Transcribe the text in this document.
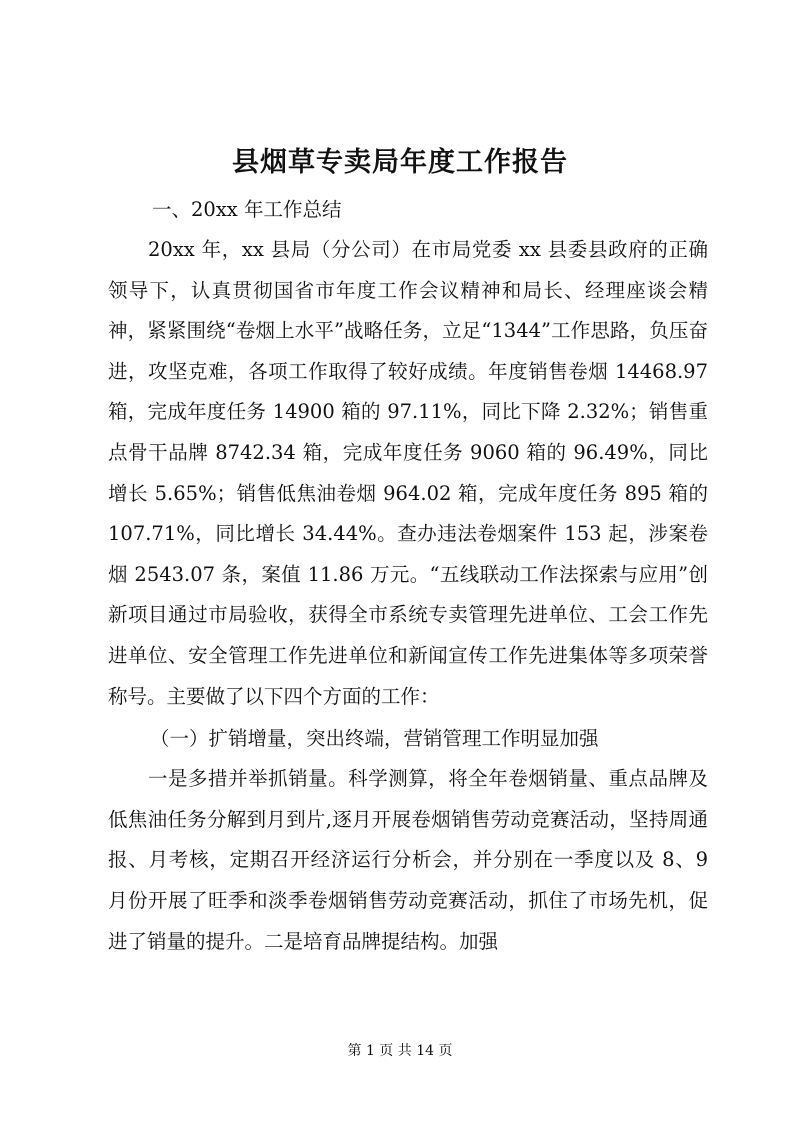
县烟草专卖局年度工作报告
一、20xx 年工作总结

20xx 年，xx 县局（分公司）在市局党委 xx 县委县政府的正确领导下，认真贯彻国省市年度工作会议精神和局长、经理座谈会精神，紧紧围绕“卷烟上水平”战略任务，立足“1344”工作思路，负压奋进，攻坚克难，各项工作取得了较好成绩。年度销售卷烟 14468.97 箱，完成年度任务 14900 箱的 97.11%，同比下降 2.32%；销售重点骨干品牌 8742.34 箱，完成年度任务 9060 箱的 96.49%，同比增长 5.65%；销售低焦油卷烟 964.02 箱，完成年度任务 895 箱的 107.71%，同比增长 34.44%。查办违法卷烟案件 153 起，涉案卷烟 2543.07 条，案值 11.86 万元。“五线联动工作法探索与应用”创新项目通过市局验收，获得全市系统专卖管理先进单位、工会工作先进单位、安全管理工作先进单位和新闻宣传工作先进集体等多项荣誉称号。主要做了以下四个方面的工作：

（一）扩销增量，突出终端，营销管理工作明显加强

一是多措并举抓销量。科学测算，将全年卷烟销量、重点品牌及低焦油任务分解到月到片,逐月开展卷烟销售劳动竞赛活动，坚持周通报、月考核，定期召开经济运行分析会，并分别在一季度以及 8、9 月份开展了旺季和淡季卷烟销售劳动竞赛活动，抓住了市场先机，促进了销量的提升。二是培育品牌提结构。加强

第 1 页 共 14 页
